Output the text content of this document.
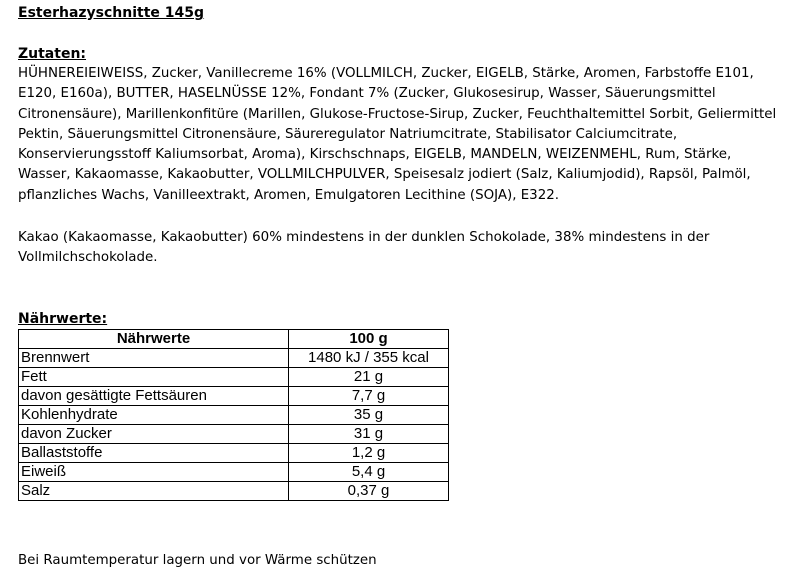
Esterhazyschnitte 145g
Zutaten:
HÜHNEREIEIWEISS, Zucker, Vanillecreme 16% (VOLLMILCH, Zucker, EIGELB, Stärke, Aromen, Farbstoffe E101, E120, E160a), BUTTER, HASELNÜSSE 12%, Fondant 7% (Zucker, Glukosesirup, Wasser, Säuerungsmittel Citronensäure), Marillenkonfitüre (Marillen, Glukose-Fructose-Sirup, Zucker, Feuchthaltemittel Sorbit, Geliermittel Pektin, Säuerungsmittel Citronensäure, Säureregulator Natriumcitrate, Stabilisator Calciumcitrate, Konservierungsstoff Kaliumsorbat, Aroma), Kirschschnaps, EIGELB, MANDELN, WEIZENMEHL, Rum, Stärke, Wasser, Kakaomasse, Kakaobutter, VOLLMILCHPULVER, Speisesalz jodiert (Salz, Kaliumjodid), Rapsöl, Palmöl, pflanzliches Wachs, Vanilleextrakt, Aromen, Emulgatoren Lecithine (SOJA), E322.
Kakao (Kakaomasse, Kakaobutter) 60% mindestens in der dunklen Schokolade, 38% mindestens in der Vollmilchschokolade.
Nährwerte:
Nährwerte	100 g
Brennwert	1480 kJ / 355 kcal
Fett	21 g
davon gesättigte Fettsäuren	7,7 g
Kohlenhydrate	35 g
davon Zucker	31 g
Ballaststoffe	1,2 g
Eiweiß	5,4 g
Salz	0,37 g
Bei Raumtemperatur lagern und vor Wärme schützen
